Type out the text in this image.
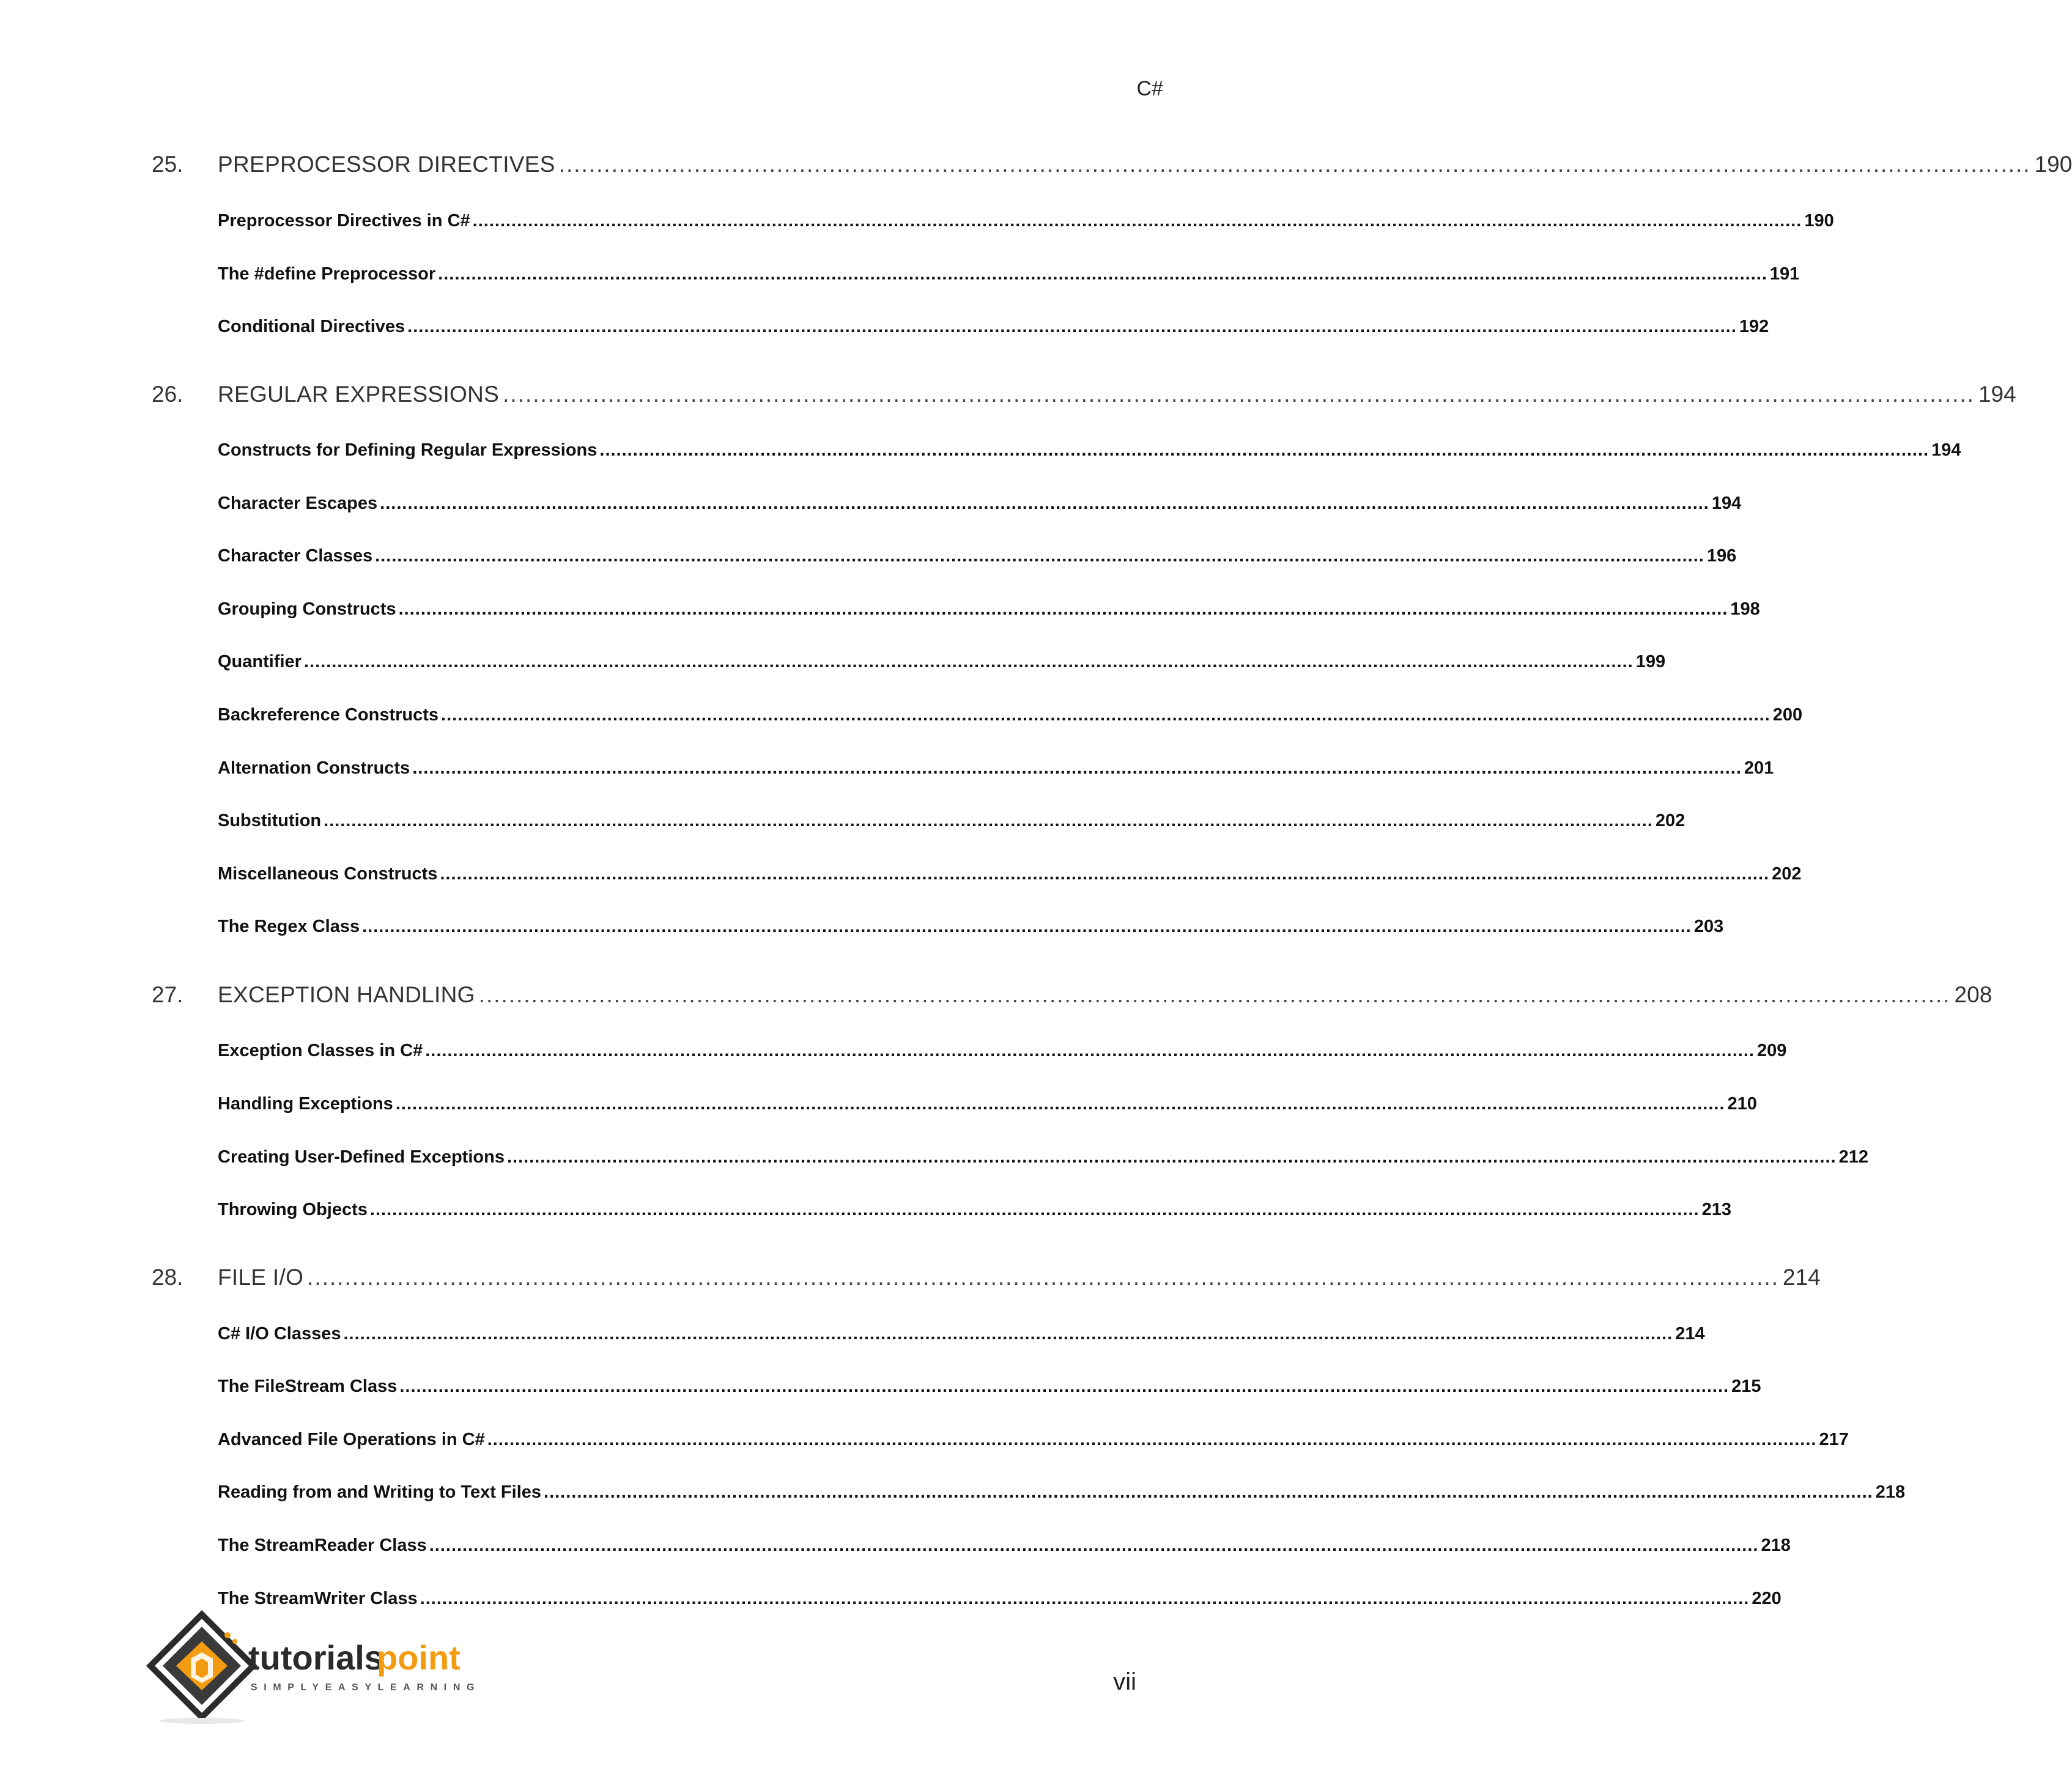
C#
25.	PREPROCESSOR DIRECTIVES .................................................................................................................................................................................................... 190
Preprocessor Directives in C# ................................................................................................................................................................................................................................................ 190
The #define Preprocessor ................................................................................................................................................................................................................................................ 191
Conditional Directives ................................................................................................................................................................................................................................................ 192
26.	REGULAR EXPRESSIONS .................................................................................................................................................................................................... 194
Constructs for Defining Regular Expressions ................................................................................................................................................................................................................................................ 194
Character Escapes ................................................................................................................................................................................................................................................ 194
Character Classes ................................................................................................................................................................................................................................................ 196
Grouping Constructs ................................................................................................................................................................................................................................................ 198
Quantifier ................................................................................................................................................................................................................................................ 199
Backreference Constructs ................................................................................................................................................................................................................................................ 200
Alternation Constructs ................................................................................................................................................................................................................................................ 201
Substitution ................................................................................................................................................................................................................................................ 202
Miscellaneous Constructs ................................................................................................................................................................................................................................................ 202
The Regex Class ................................................................................................................................................................................................................................................ 203
27.	EXCEPTION HANDLING .................................................................................................................................................................................................... 208
Exception Classes in C# ................................................................................................................................................................................................................................................ 209
Handling Exceptions ................................................................................................................................................................................................................................................ 210
Creating User-Defined Exceptions ................................................................................................................................................................................................................................................ 212
Throwing Objects ................................................................................................................................................................................................................................................ 213
28.	FILE I/O .................................................................................................................................................................................................... 214
C# I/O Classes ................................................................................................................................................................................................................................................ 214
The FileStream Class ................................................................................................................................................................................................................................................ 215
Advanced File Operations in C# ................................................................................................................................................................................................................................................ 217
Reading from and Writing to Text Files ................................................................................................................................................................................................................................................ 218
The StreamReader Class ................................................................................................................................................................................................................................................ 218
The StreamWriter Class ................................................................................................................................................................................................................................................ 220
tutorials
point
SIMPLYEASYLEARNING	vii
